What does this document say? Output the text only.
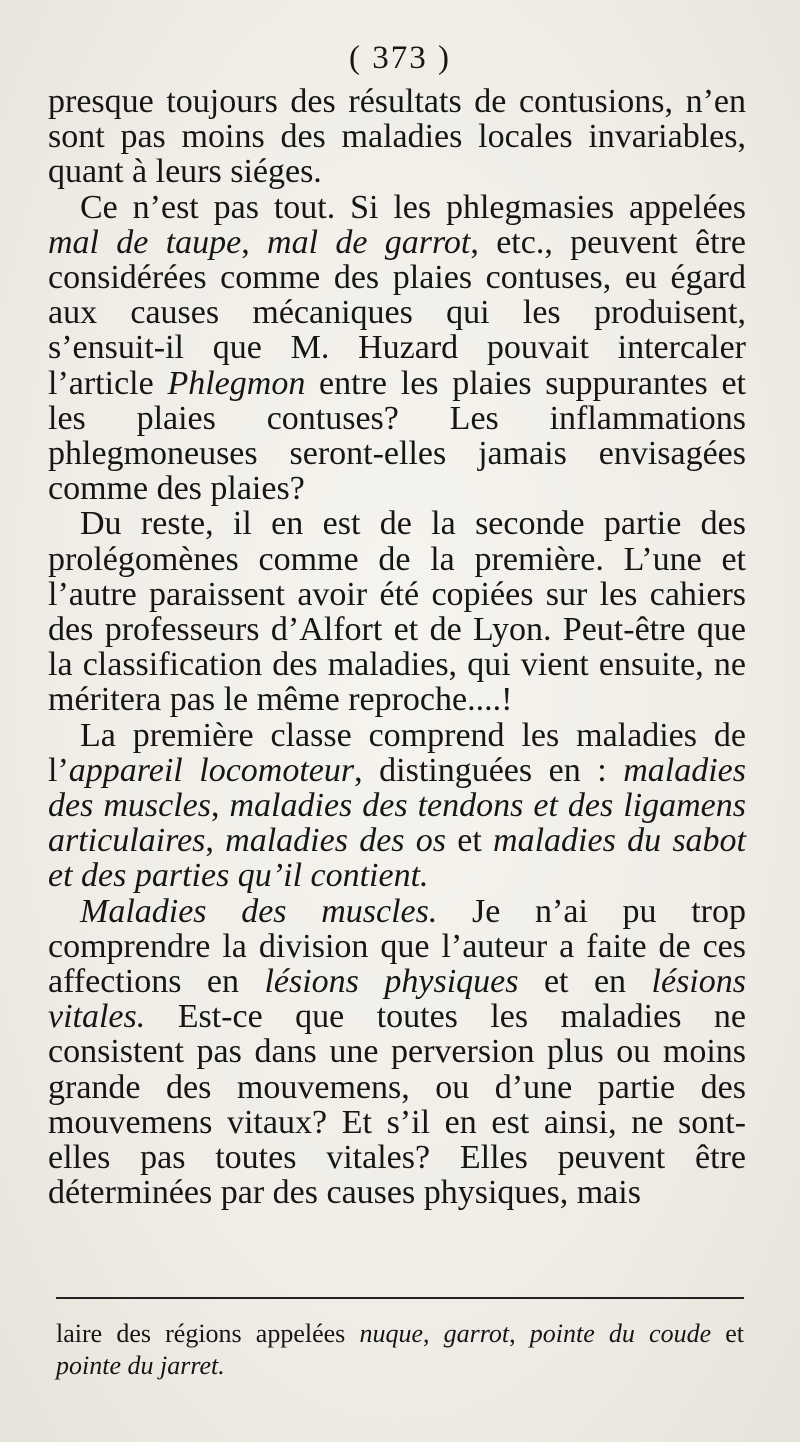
( 373 )

presque toujours des résultats de contusions, n’en sont pas moins des maladies locales invariables, quant à leurs siéges.

Ce n’est pas tout. Si les phlegmasies appelées mal de taupe, mal de garrot, etc., peuvent être considérées comme des plaies contuses, eu égard aux causes mécaniques qui les produisent, s’ensuit-il que M. Huzard pouvait intercaler l’article Phlegmon entre les plaies suppurantes et les plaies contuses? Les inflammations phlegmoneuses seront-elles jamais envisagées comme des plaies?

Du reste, il en est de la seconde partie des prolégomènes comme de la première. L’une et l’autre paraissent avoir été copiées sur les cahiers des professeurs d’Alfort et de Lyon. Peut-être que la classification des maladies, qui vient ensuite, ne méritera pas le même reproche....!

La première classe comprend les maladies de l’appareil locomoteur, distinguées en : maladies des muscles, maladies des tendons et des ligamens articulaires, maladies des os et maladies du sabot et des parties qu’il contient.

Maladies des muscles. Je n’ai pu trop comprendre la division que l’auteur a faite de ces affections en lésions physiques et en lésions vitales. Est-ce que toutes les maladies ne consistent pas dans une perversion plus ou moins grande des mouvemens, ou d’une partie des mouvemens vitaux? Et s’il en est ainsi, ne sont-elles pas toutes vitales? Elles peuvent être déterminées par des causes physiques, mais

laire des régions appelées nuque, garrot, pointe du coude et pointe du jarret.
